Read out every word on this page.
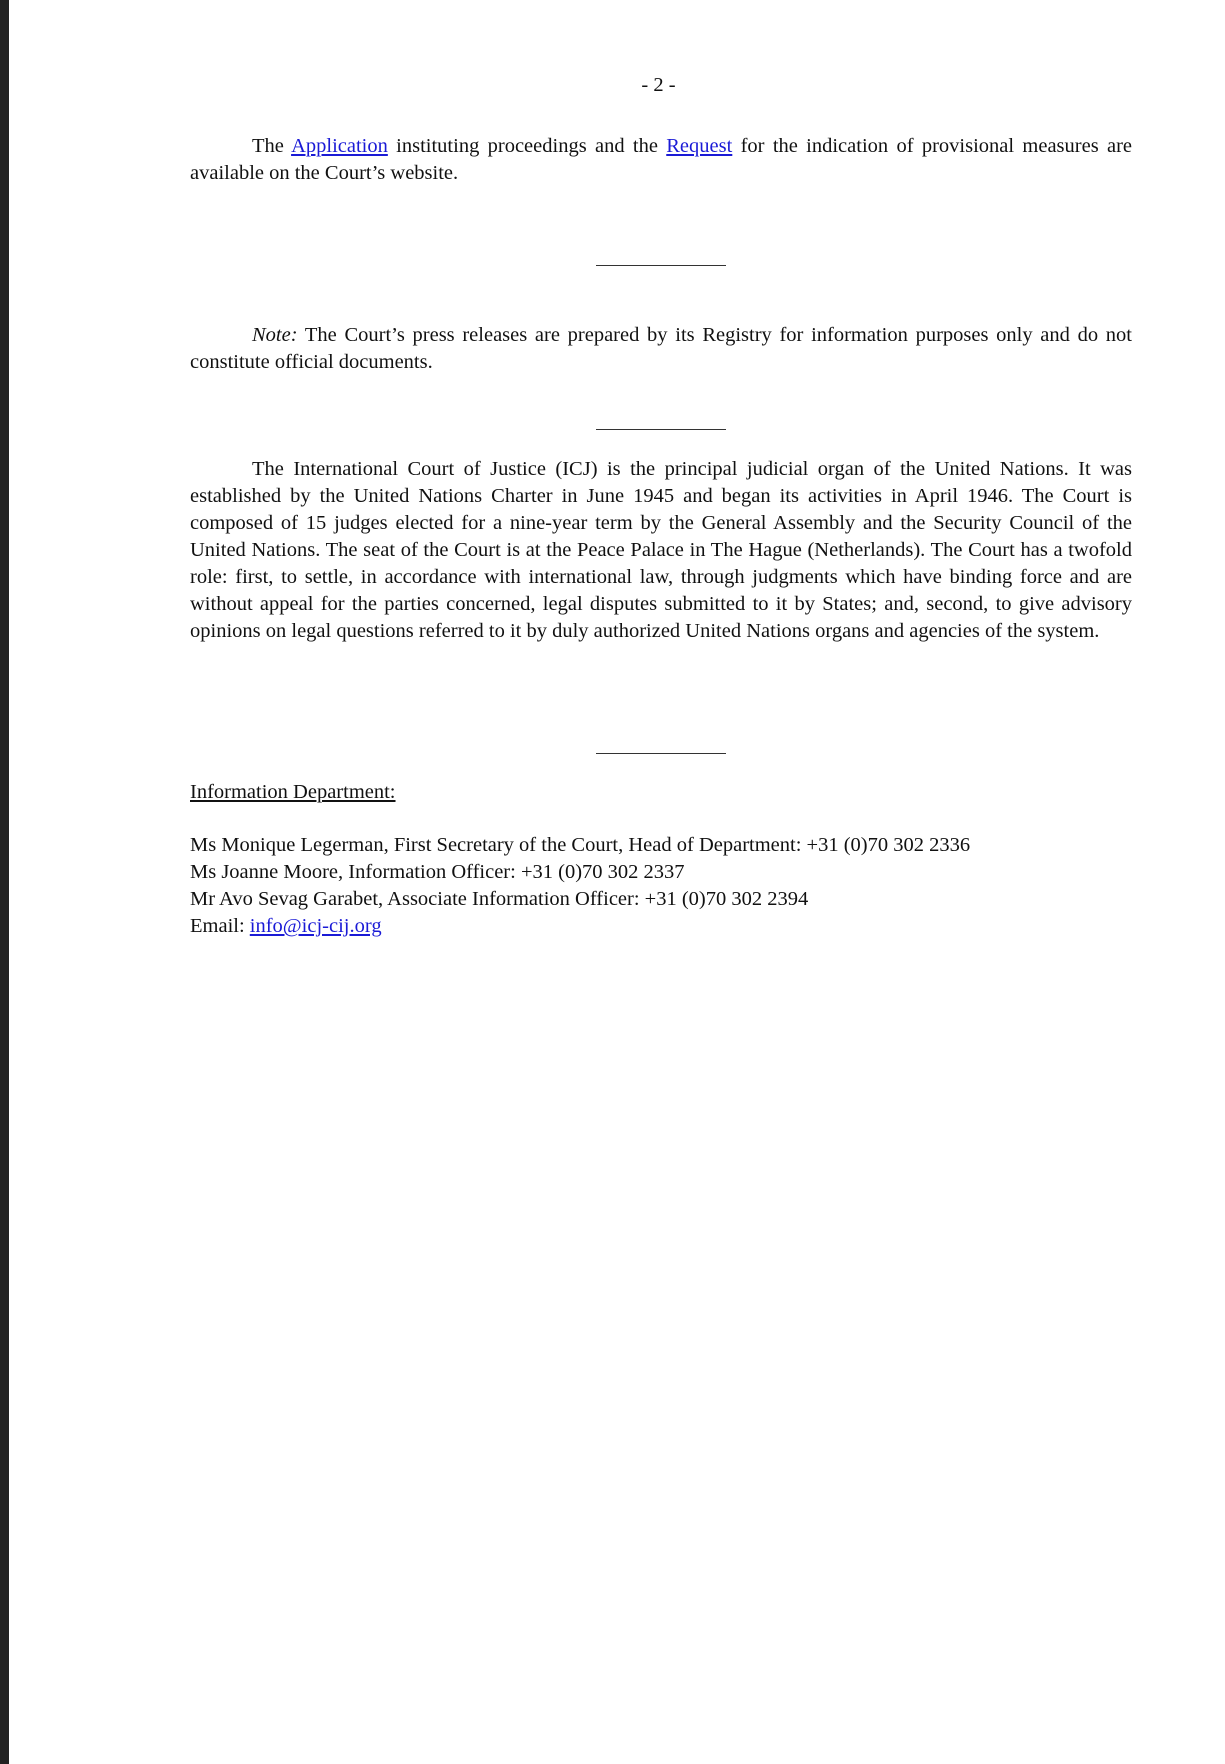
- 2 -
The Application instituting proceedings and the Request for the indication of provisional measures are available on the Court’s website.
Note: The Court’s press releases are prepared by its Registry for information purposes only and do not constitute official documents.
The International Court of Justice (ICJ) is the principal judicial organ of the United Nations. It was established by the United Nations Charter in June 1945 and began its activities in April 1946. The Court is composed of 15 judges elected for a nine-year term by the General Assembly and the Security Council of the United Nations. The seat of the Court is at the Peace Palace in The Hague (Netherlands). The Court has a twofold role: first, to settle, in accordance with international law, through judgments which have binding force and are without appeal for the parties concerned, legal disputes submitted to it by States; and, second, to give advisory opinions on legal questions referred to it by duly authorized United Nations organs and agencies of the system.
Information Department:
Ms Monique Legerman, First Secretary of the Court, Head of Department: +31 (0)70 302 2336
Ms Joanne Moore, Information Officer: +31 (0)70 302 2337
Mr Avo Sevag Garabet, Associate Information Officer: +31 (0)70 302 2394
Email: info@icj-cij.org
